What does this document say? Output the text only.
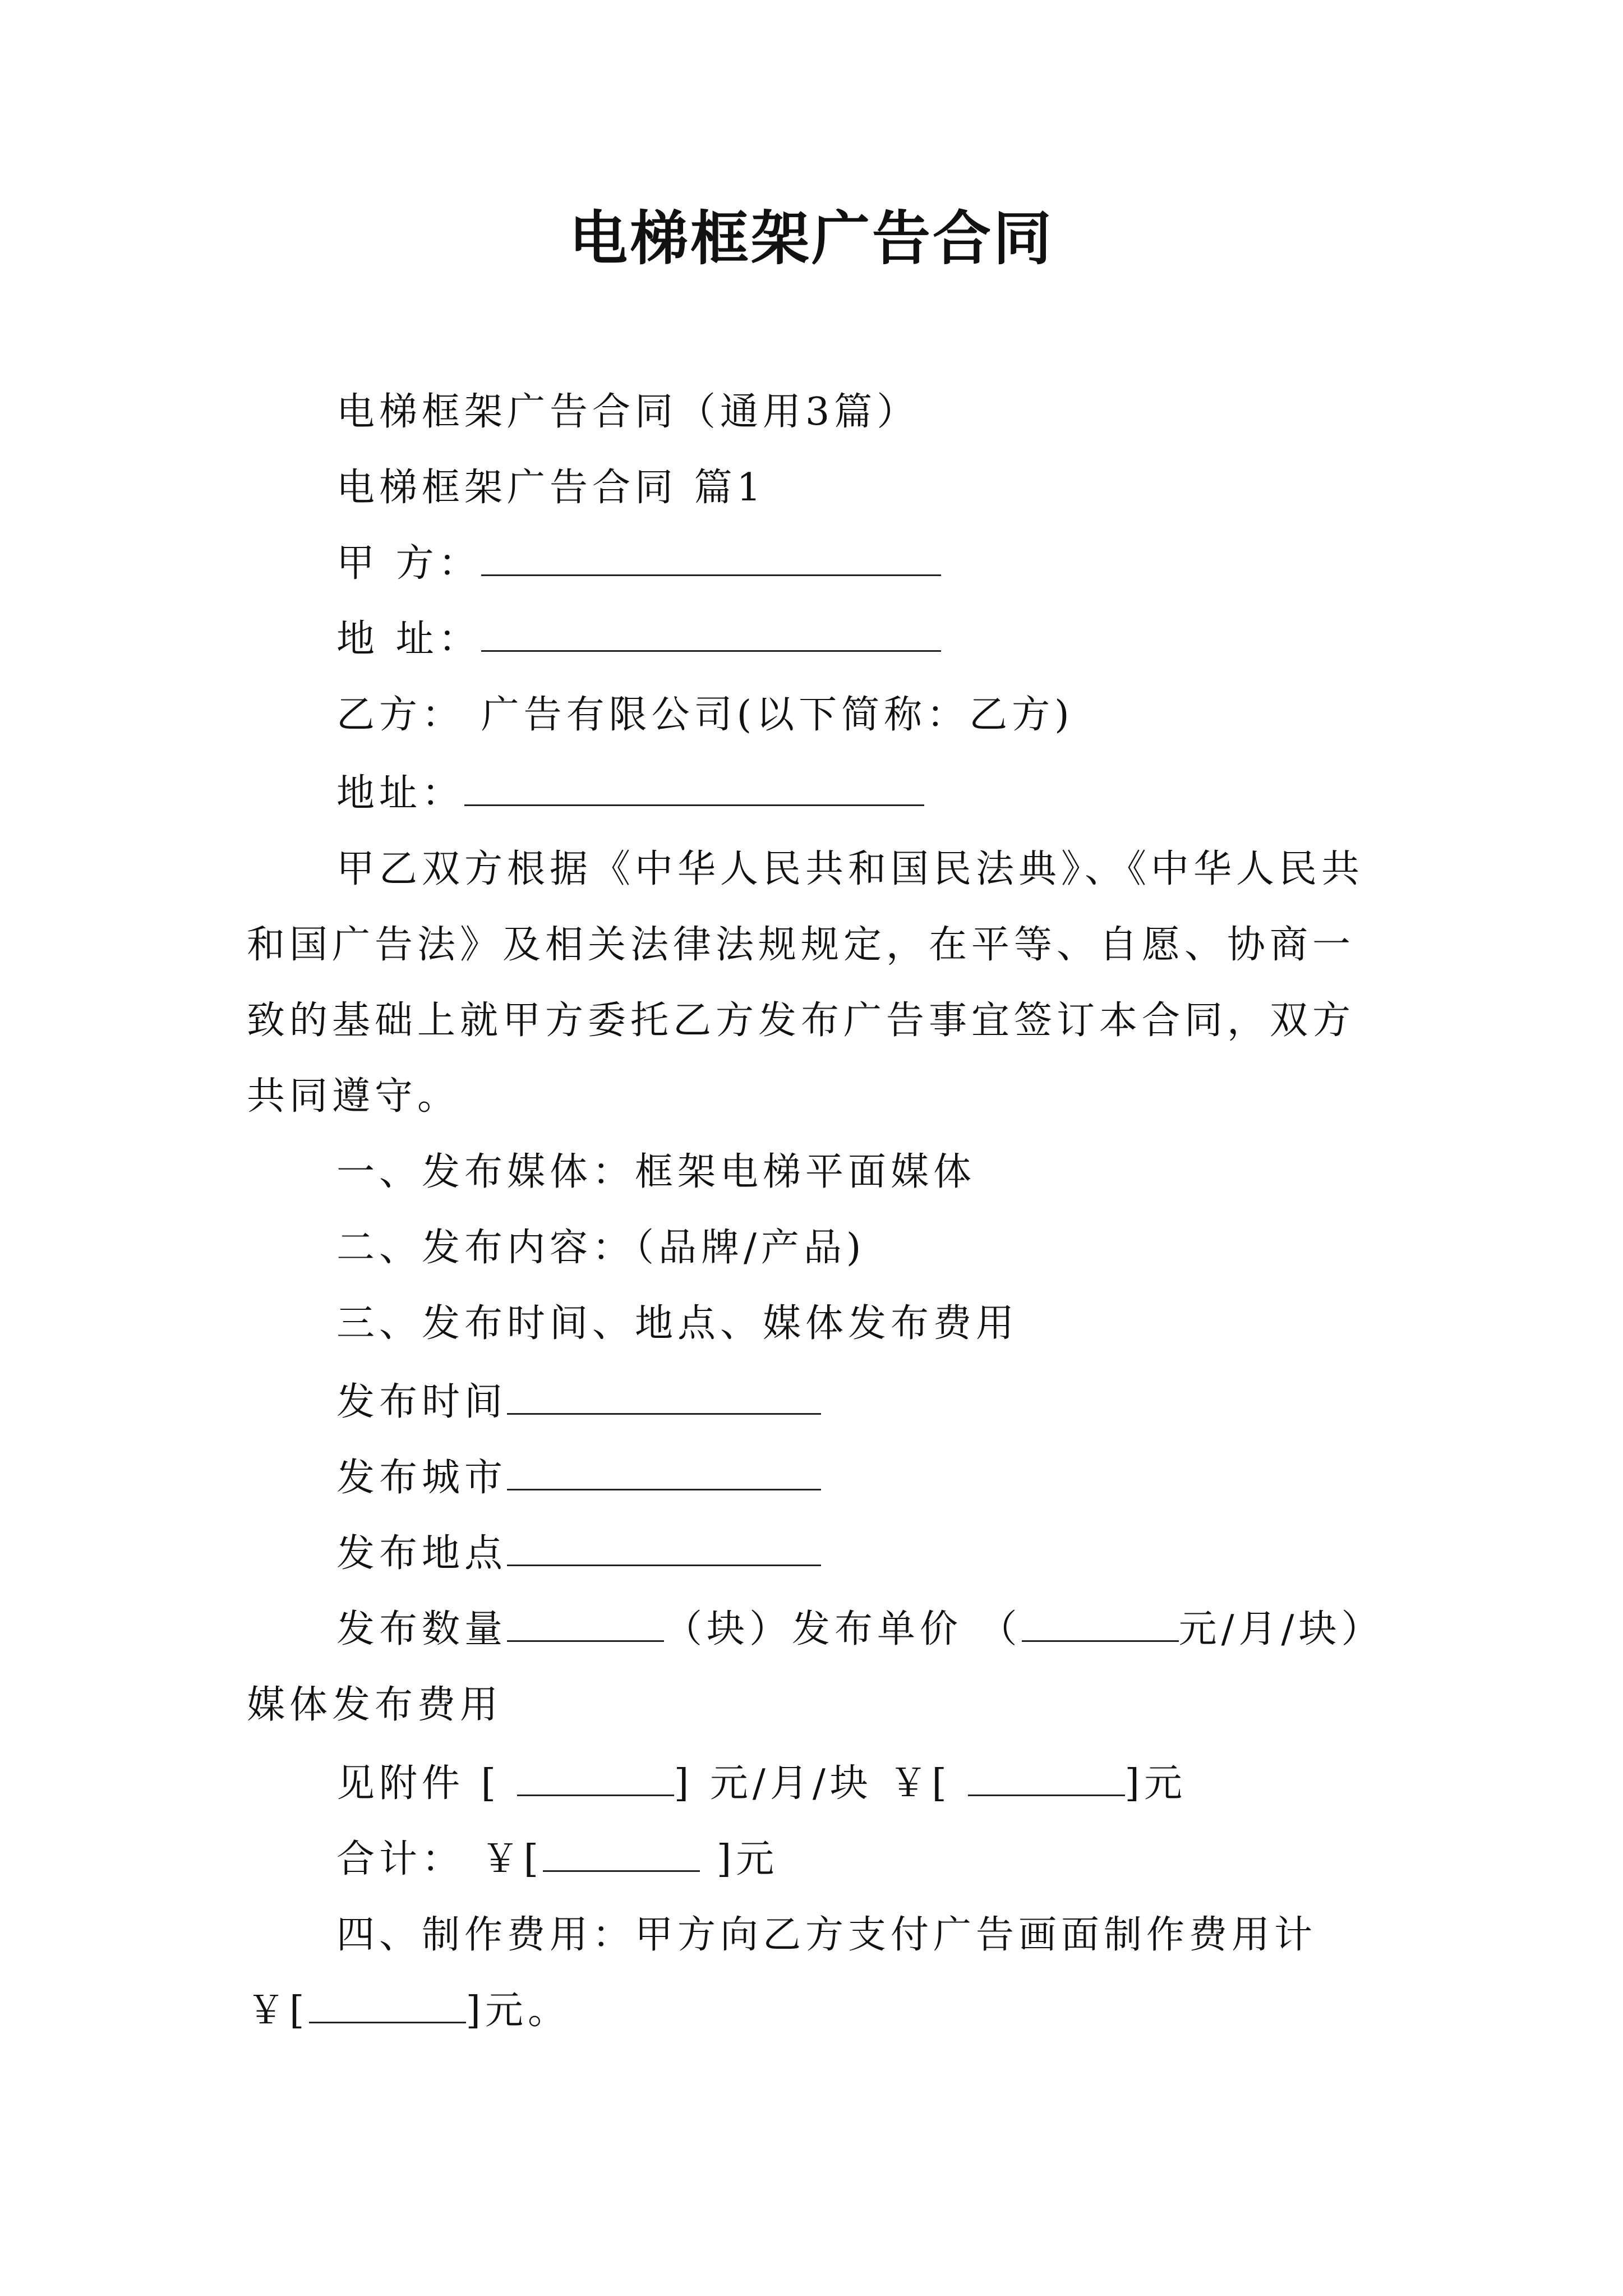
电梯框架广告合同
电梯框架广告合同（通用3篇）
电梯框架广告合同 篇1
甲 方：
地 址：
乙方： 广告有限公司(以下简称：乙方)
地址：
甲乙双方根据《中华人民共和国民法典》、《中华人民共
和国广告法》及相关法律法规规定，在平等、自愿、协商一
致的基础上就甲方委托乙方发布广告事宜签订本合同，双方
共同遵守。
一、发布媒体：框架电梯平面媒体
二、发布内容：（品牌/产品)
三、发布时间、地点、媒体发布费用
发布时间
发布城市
发布地点
发布数量	（块）发布单价 （	元/月/块）
媒体发布费用
见附件 [	] 元/月/块 ￥[	]元
合计： ￥[	]元
四、制作费用：甲方向乙方支付广告画面制作费用计
￥[	]元。
